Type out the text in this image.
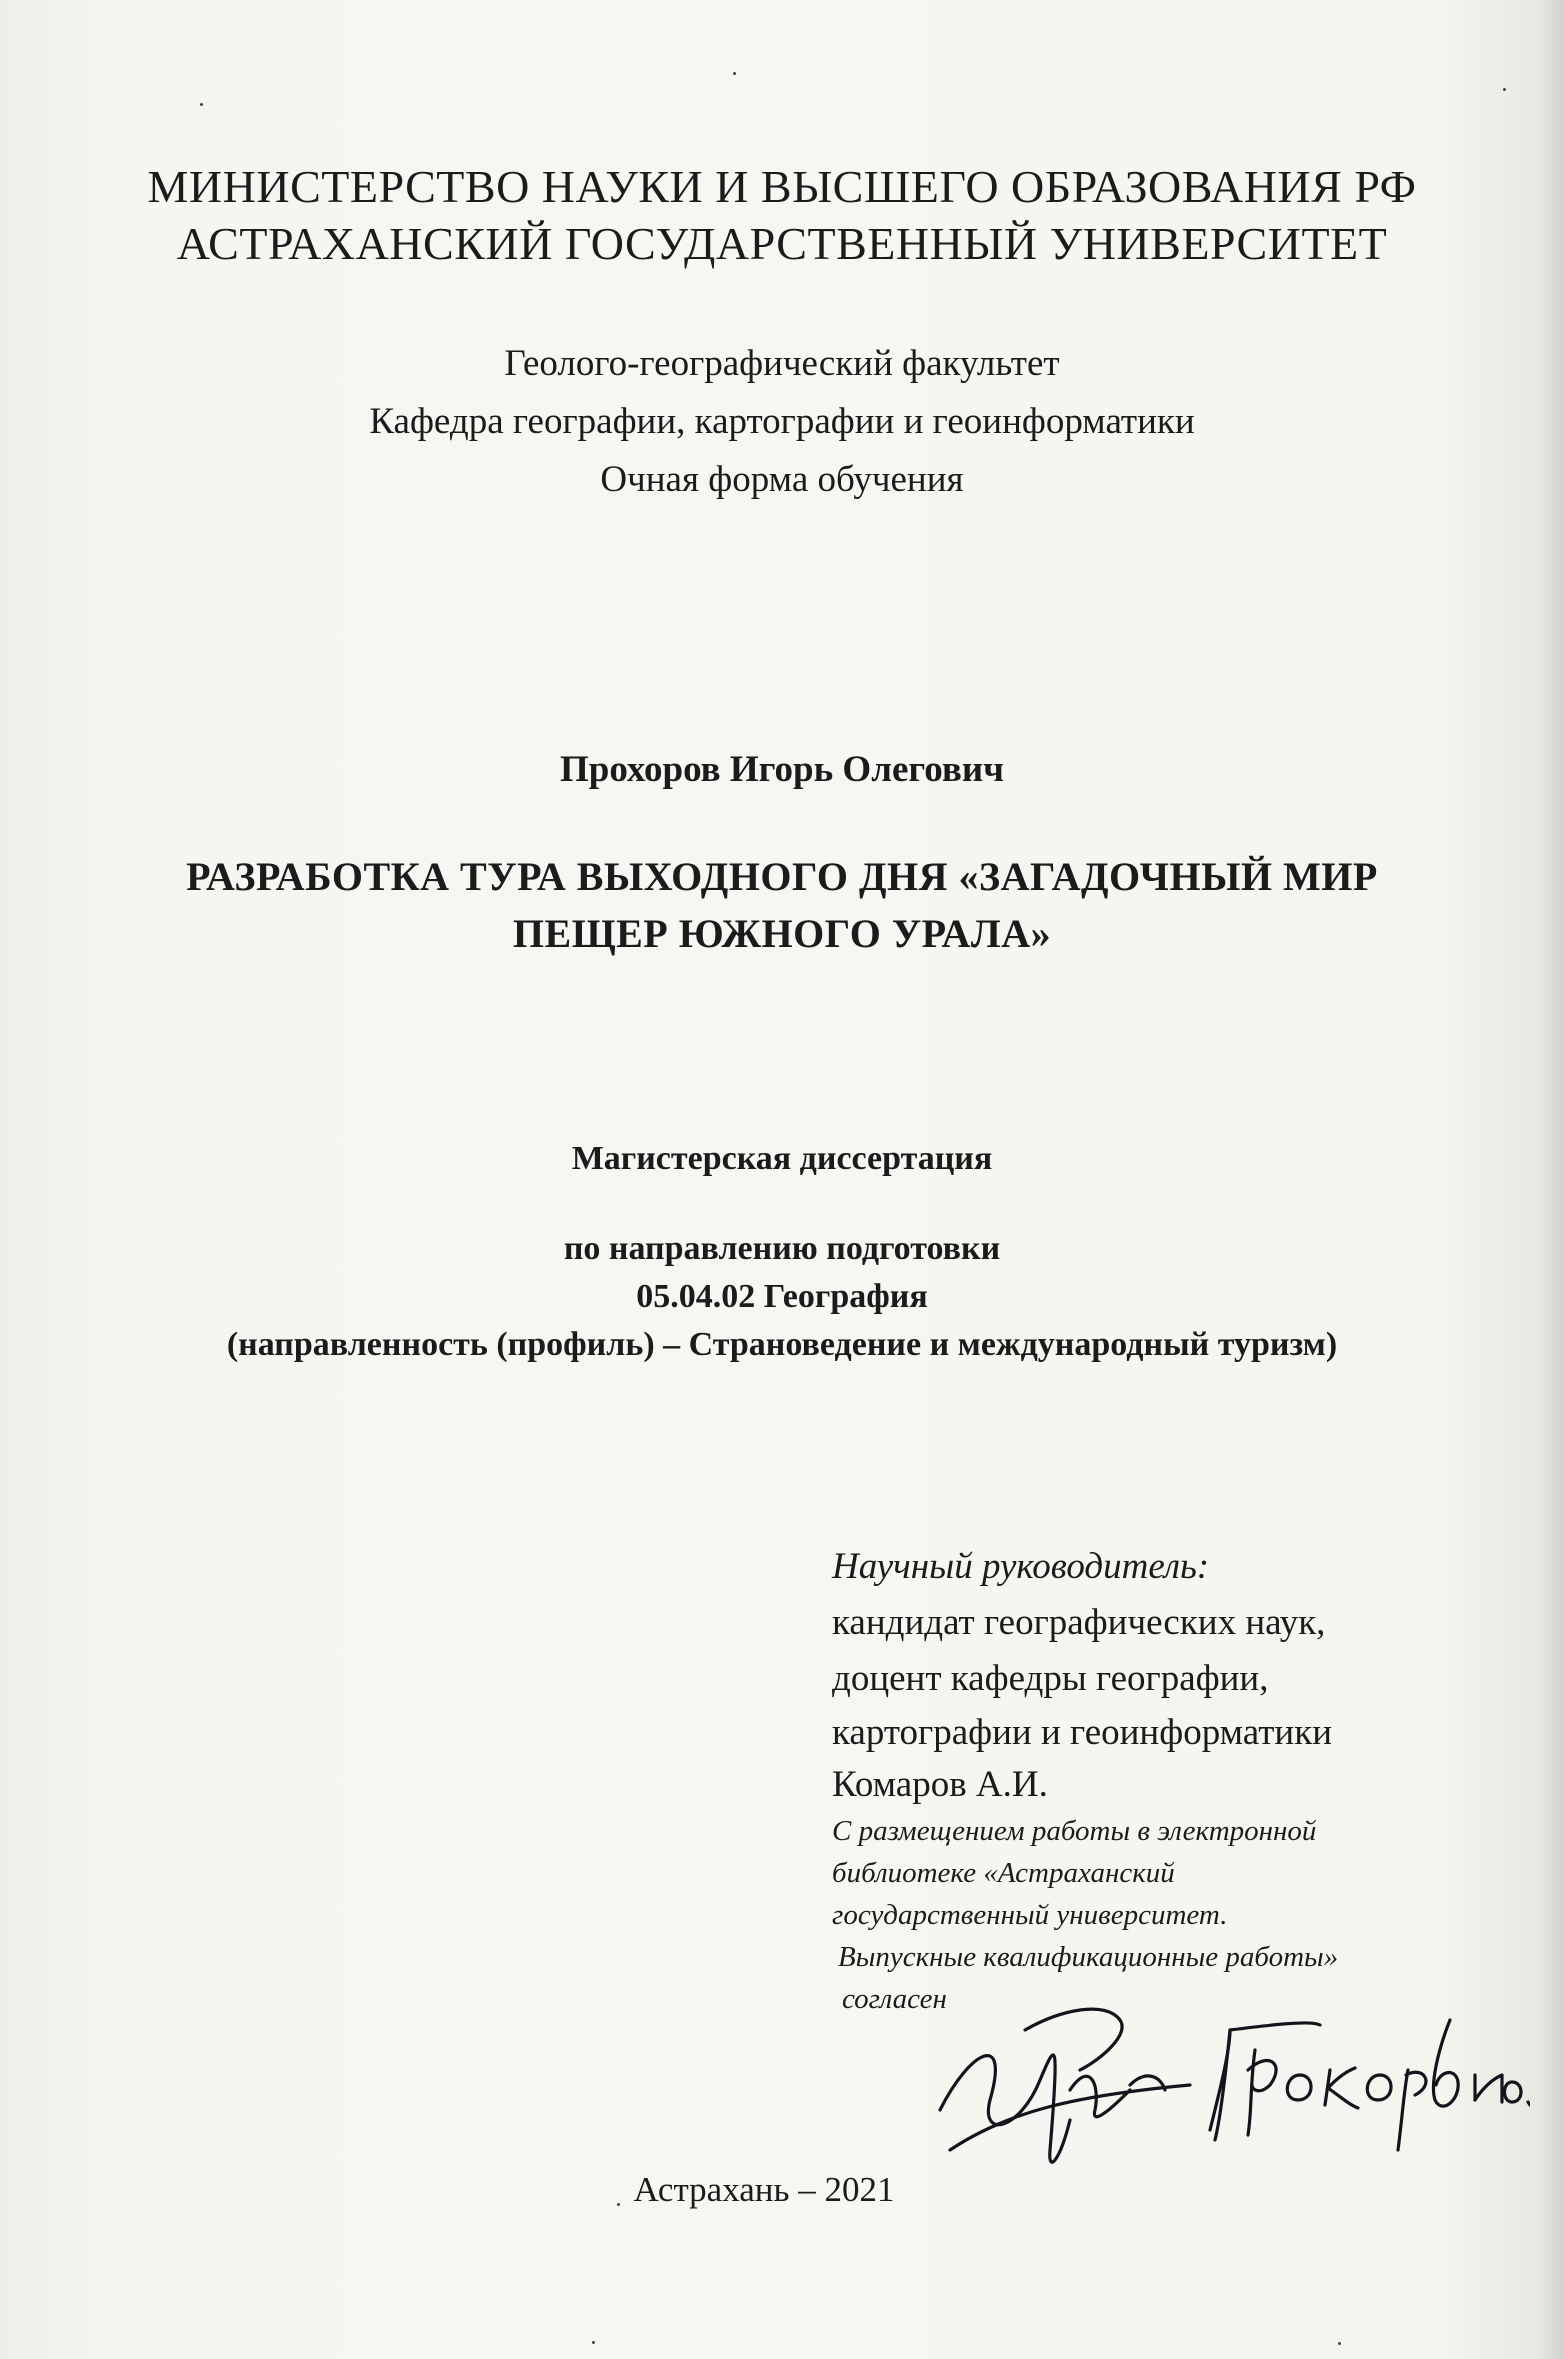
МИНИСТЕРСТВО НАУКИ И ВЫСШЕГО ОБРАЗОВАНИЯ РФ
АСТРАХАНСКИЙ ГОСУДАРСТВЕННЫЙ УНИВЕРСИТЕТ
Геолого-географический факультет
Кафедра географии, картографии и геоинформатики
Очная форма обучения
Прохоров Игорь Олегович
РАЗРАБОТКА ТУРА ВЫХОДНОГО ДНЯ «ЗАГАДОЧНЫЙ МИР
ПЕЩЕР ЮЖНОГО УРАЛА»
Магистерская диссертация
по направлению подготовки
05.04.02 География
(направленность (профиль) – Страноведение и международный туризм)
Научный руководитель:
кандидат географических наук,
доцент кафедры географии,
картографии и геоинформатики
Комаров А.И.
С размещением работы в электронной
библиотеке «Астраханский
государственный университет.
Выпускные квалификационные работы»
согласен
Астрахань – 2021
